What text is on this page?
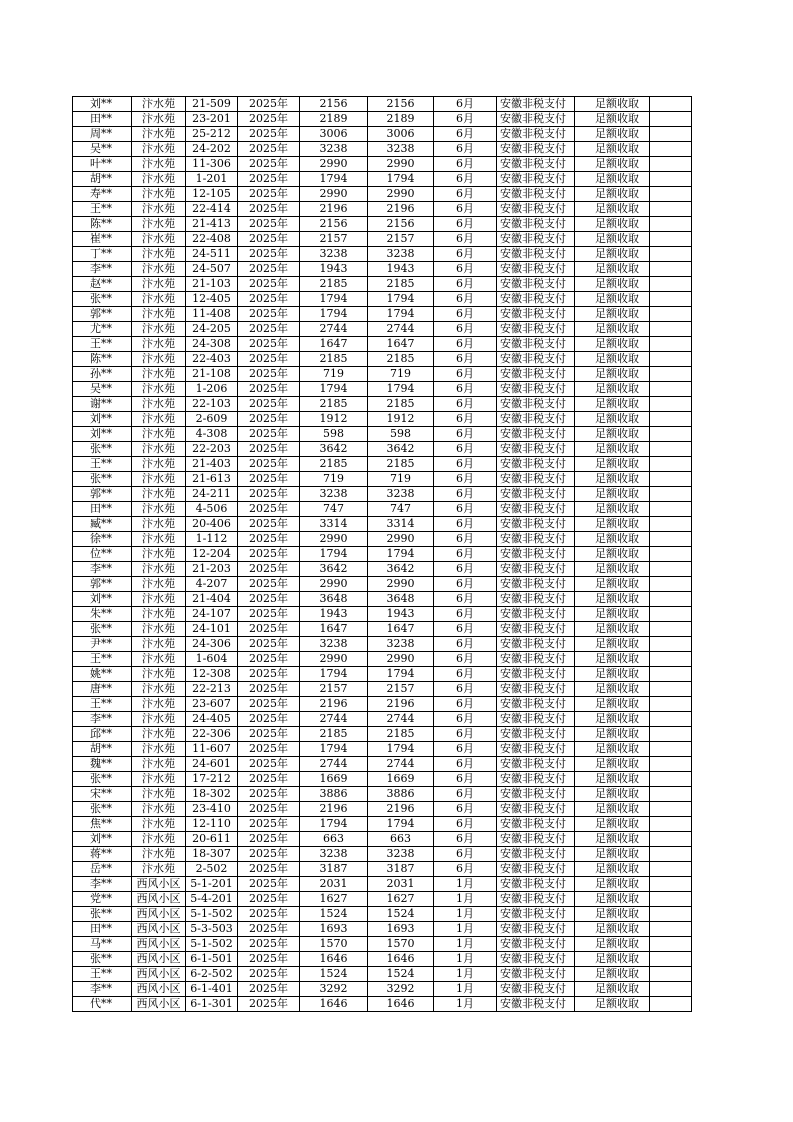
刘**	汴水苑	21-509	2025年	2156	2156	6月	安徽非税支付	足额收取	
田**	汴水苑	23-201	2025年	2189	2189	6月	安徽非税支付	足额收取	
周**	汴水苑	25-212	2025年	3006	3006	6月	安徽非税支付	足额收取	
吴**	汴水苑	24-202	2025年	3238	3238	6月	安徽非税支付	足额收取	
叶**	汴水苑	11-306	2025年	2990	2990	6月	安徽非税支付	足额收取	
胡**	汴水苑	1-201	2025年	1794	1794	6月	安徽非税支付	足额收取	
寿**	汴水苑	12-105	2025年	2990	2990	6月	安徽非税支付	足额收取	
王**	汴水苑	22-414	2025年	2196	2196	6月	安徽非税支付	足额收取	
陈**	汴水苑	21-413	2025年	2156	2156	6月	安徽非税支付	足额收取	
崔**	汴水苑	22-408	2025年	2157	2157	6月	安徽非税支付	足额收取	
丁**	汴水苑	24-511	2025年	3238	3238	6月	安徽非税支付	足额收取	
李**	汴水苑	24-507	2025年	1943	1943	6月	安徽非税支付	足额收取	
赵**	汴水苑	21-103	2025年	2185	2185	6月	安徽非税支付	足额收取	
张**	汴水苑	12-405	2025年	1794	1794	6月	安徽非税支付	足额收取	
郭**	汴水苑	11-408	2025年	1794	1794	6月	安徽非税支付	足额收取	
尤**	汴水苑	24-205	2025年	2744	2744	6月	安徽非税支付	足额收取	
王**	汴水苑	24-308	2025年	1647	1647	6月	安徽非税支付	足额收取	
陈**	汴水苑	22-403	2025年	2185	2185	6月	安徽非税支付	足额收取	
孙**	汴水苑	21-108	2025年	719	719	6月	安徽非税支付	足额收取	
吴**	汴水苑	1-206	2025年	1794	1794	6月	安徽非税支付	足额收取	
谢**	汴水苑	22-103	2025年	2185	2185	6月	安徽非税支付	足额收取	
刘**	汴水苑	2-609	2025年	1912	1912	6月	安徽非税支付	足额收取	
刘**	汴水苑	4-308	2025年	598	598	6月	安徽非税支付	足额收取	
张**	汴水苑	22-203	2025年	3642	3642	6月	安徽非税支付	足额收取	
王**	汴水苑	21-403	2025年	2185	2185	6月	安徽非税支付	足额收取	
张**	汴水苑	21-613	2025年	719	719	6月	安徽非税支付	足额收取	
郭**	汴水苑	24-211	2025年	3238	3238	6月	安徽非税支付	足额收取	
田**	汴水苑	4-506	2025年	747	747	6月	安徽非税支付	足额收取	
臧**	汴水苑	20-406	2025年	3314	3314	6月	安徽非税支付	足额收取	
徐**	汴水苑	1-112	2025年	2990	2990	6月	安徽非税支付	足额收取	
位**	汴水苑	12-204	2025年	1794	1794	6月	安徽非税支付	足额收取	
李**	汴水苑	21-203	2025年	3642	3642	6月	安徽非税支付	足额收取	
郭**	汴水苑	4-207	2025年	2990	2990	6月	安徽非税支付	足额收取	
刘**	汴水苑	21-404	2025年	3648	3648	6月	安徽非税支付	足额收取	
朱**	汴水苑	24-107	2025年	1943	1943	6月	安徽非税支付	足额收取	
张**	汴水苑	24-101	2025年	1647	1647	6月	安徽非税支付	足额收取	
尹**	汴水苑	24-306	2025年	3238	3238	6月	安徽非税支付	足额收取	
王**	汴水苑	1-604	2025年	2990	2990	6月	安徽非税支付	足额收取	
姚**	汴水苑	12-308	2025年	1794	1794	6月	安徽非税支付	足额收取	
唐**	汴水苑	22-213	2025年	2157	2157	6月	安徽非税支付	足额收取	
王**	汴水苑	23-607	2025年	2196	2196	6月	安徽非税支付	足额收取	
李**	汴水苑	24-405	2025年	2744	2744	6月	安徽非税支付	足额收取	
邱**	汴水苑	22-306	2025年	2185	2185	6月	安徽非税支付	足额收取	
胡**	汴水苑	11-607	2025年	1794	1794	6月	安徽非税支付	足额收取	
魏**	汴水苑	24-601	2025年	2744	2744	6月	安徽非税支付	足额收取	
张**	汴水苑	17-212	2025年	1669	1669	6月	安徽非税支付	足额收取	
宋**	汴水苑	18-302	2025年	3886	3886	6月	安徽非税支付	足额收取	
张**	汴水苑	23-410	2025年	2196	2196	6月	安徽非税支付	足额收取	
焦**	汴水苑	12-110	2025年	1794	1794	6月	安徽非税支付	足额收取	
刘**	汴水苑	20-611	2025年	663	663	6月	安徽非税支付	足额收取	
蒋**	汴水苑	18-307	2025年	3238	3238	6月	安徽非税支付	足额收取	
岳**	汴水苑	2-502	2025年	3187	3187	6月	安徽非税支付	足额收取	
李**	西风小区	5-1-201	2025年	2031	2031	1月	安徽非税支付	足额收取	
党**	西风小区	5-4-201	2025年	1627	1627	1月	安徽非税支付	足额收取	
张**	西风小区	5-1-502	2025年	1524	1524	1月	安徽非税支付	足额收取	
田**	西风小区	5-3-503	2025年	1693	1693	1月	安徽非税支付	足额收取	
马**	西风小区	5-1-502	2025年	1570	1570	1月	安徽非税支付	足额收取	
张**	西风小区	6-1-501	2025年	1646	1646	1月	安徽非税支付	足额收取	
王**	西风小区	6-2-502	2025年	1524	1524	1月	安徽非税支付	足额收取	
李**	西风小区	6-1-401	2025年	3292	3292	1月	安徽非税支付	足额收取	
代**	西风小区	6-1-301	2025年	1646	1646	1月	安徽非税支付	足额收取	
